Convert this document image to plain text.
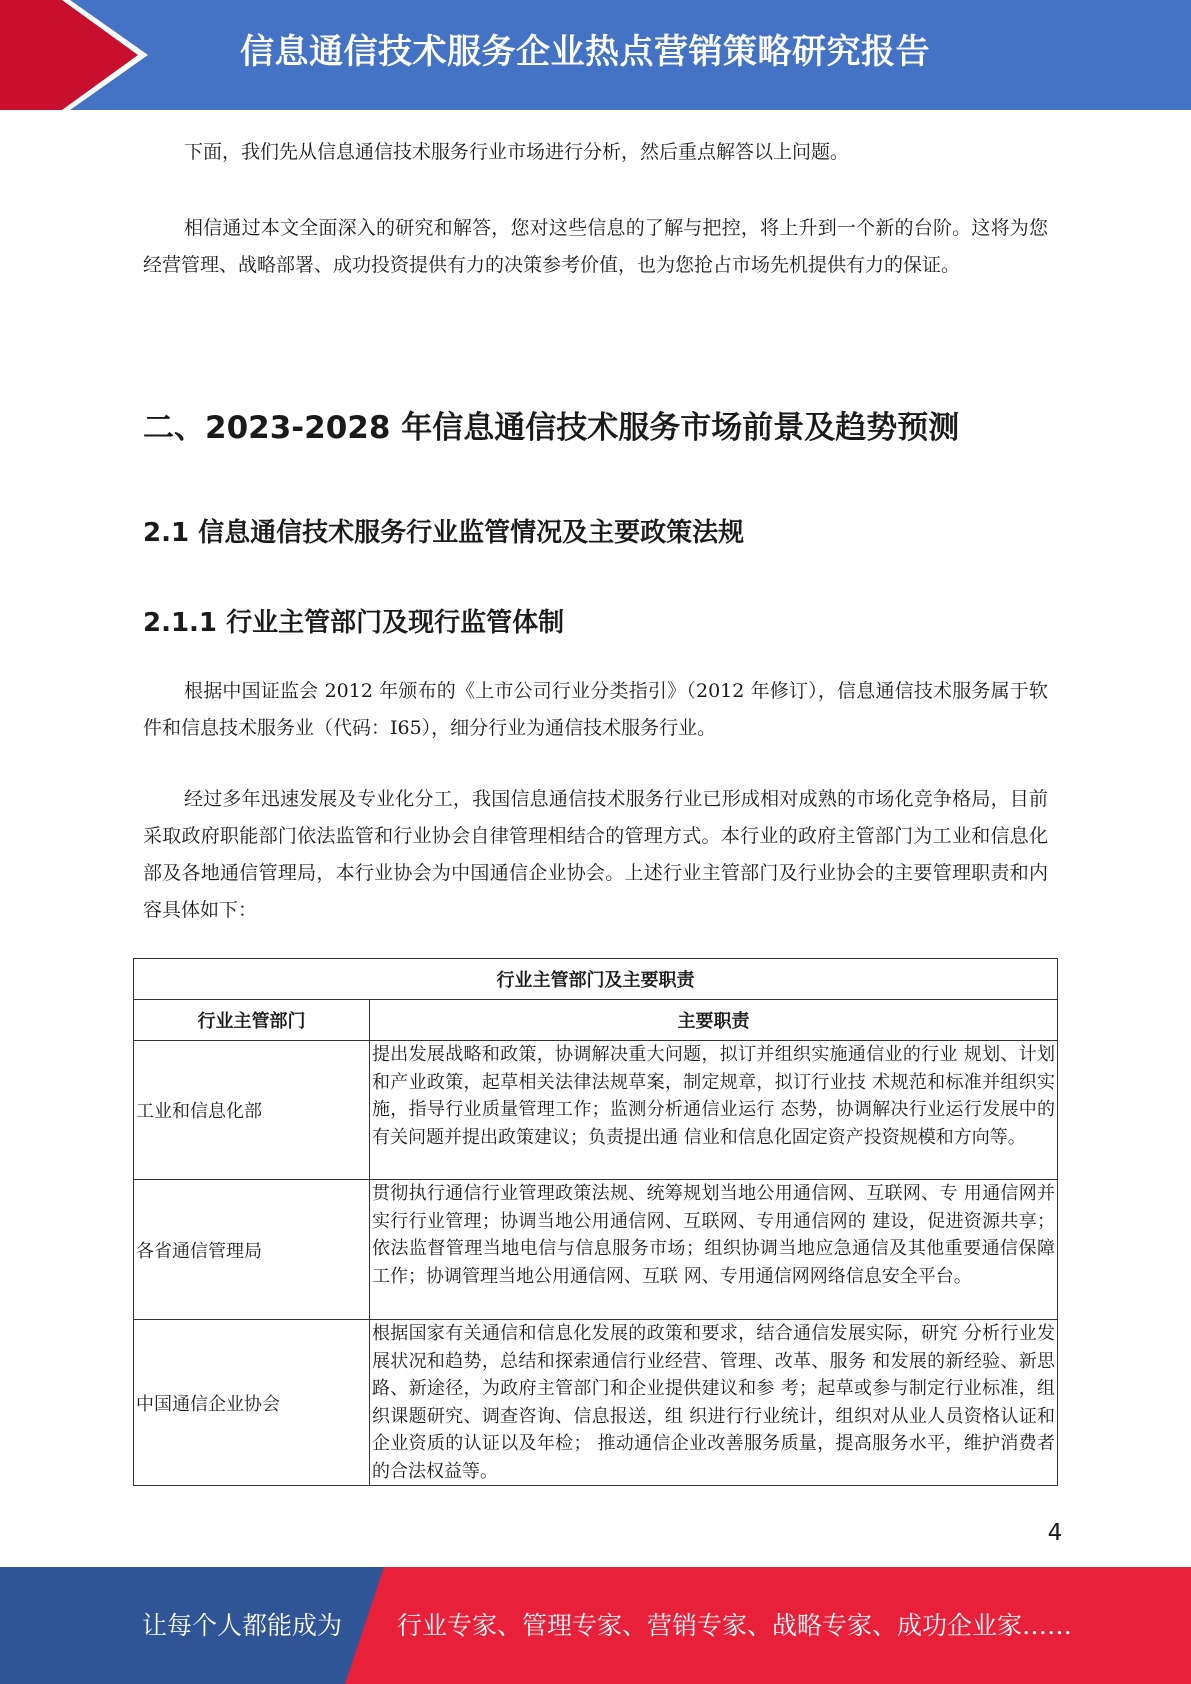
信息通信技术服务企业热点营销策略研究报告

下面，我们先从信息通信技术服务行业市场进行分析，然后重点解答以上问题。

相信通过本文全面深入的研究和解答，您对这些信息的了解与把控，将上升到一个新的台阶。这将为您经营管理、战略部署、成功投资提供有力的决策参考价值，也为您抢占市场先机提供有力的保证。

二、2023-2028 年信息通信技术服务市场前景及趋势预测
2.1 信息通信技术服务行业监管情况及主要政策法规
2.1.1 行业主管部门及现行监管体制

根据中国证监会 2012 年颁布的《上市公司行业分类指引》（2012 年修订），信息通信技术服务属于软件和信息技术服务业（代码：I65），细分行业为通信技术服务行业。

经过多年迅速发展及专业化分工，我国信息通信技术服务行业已形成相对成熟的市场化竞争格局，目前采取政府职能部门依法监管和行业协会自律管理相结合的管理方式。本行业的政府主管部门为工业和信息化部及各地通信管理局，本行业协会为中国通信企业协会。上述行业主管部门及行业协会的主要管理职责和内容具体如下：

行业主管部门及主要职责	
行业主管部门	主要职责
工业和信息化部	提出发展战略和政策，协调解决重大问题，拟订并组织实施通信业的行业 规划、计划和产业政策，起草相关法律法规草案，制定规章，拟订行业技 术规范和标准并组织实施，指导行业质量管理工作；监测分析通信业运行 态势，协调解决行业运行发展中的有关问题并提出政策建议；负责提出通 信业和信息化固定资产投资规模和方向等。
各省通信管理局	贯彻执行通信行业管理政策法规、统筹规划当地公用通信网、互联网、专 用通信网并实行行业管理；协调当地公用通信网、互联网、专用通信网的 建设，促进资源共享；依法监督管理当地电信与信息服务市场；组织协调当地应急通信及其他重要通信保障工作；协调管理当地公用通信网、互联 网、专用通信网网络信息安全平台。
中国通信企业协会	根据国家有关通信和信息化发展的政策和要求，结合通信发展实际，研究 分析行业发展状况和趋势，总结和探索通信行业经营、管理、改革、服务 和发展的新经验、新思路、新途径，为政府主管部门和企业提供建议和参 考；起草或参与制定行业标准，组织课题研究、调查咨询、信息报送，组 织进行行业统计，组织对从业人员资格认证和企业资质的认证以及年检； 推动通信企业改善服务质量，提高服务水平，维护消费者的合法权益等。
4
让每个人都能成为 行业专家、管理专家、营销专家、战略专家、成功企业家……
